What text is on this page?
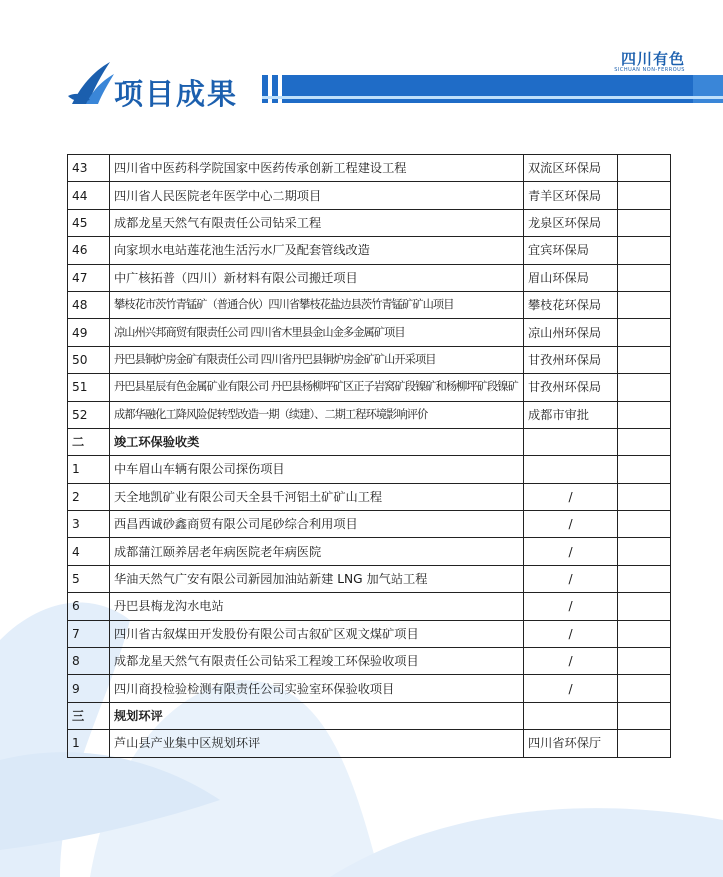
四川有色
SICHUAN NON-FERROUS
项目成果
43	四川省中医药科学院国家中医药传承创新工程建设工程	双流区环保局	
44	四川省人民医院老年医学中心二期项目	青羊区环保局	
45	成都龙星天然气有限责任公司钻采工程	龙泉区环保局	
46	向家坝水电站莲花池生活污水厂及配套管线改造	宜宾环保局	
47	中广核拓普（四川）新材料有限公司搬迁项目	眉山环保局	
48	攀枝花市茨竹青锰矿（普通合伙）四川省攀枝花盐边县茨竹青锰矿矿山项目	攀枝花环保局	
49	凉山州兴邦商贸有限责任公司 四川省木里县金山金多金属矿项目	凉山州环保局	
50	丹巴县铜炉房金矿有限责任公司 四川省丹巴县铜炉房金矿矿山开采项目	甘孜州环保局	
51	丹巴县星辰有色金属矿业有限公司 丹巴县杨柳坪矿区正子岩窝矿段镍矿和杨柳坪矿段镍矿	甘孜州环保局	
52	成都华融化工降风险促转型改造一期（续建）、二期工程环境影响评价	成都市审批	
二	竣工环保验收类		
1	中车眉山车辆有限公司探伤项目		
2	天全地凯矿业有限公司天全县千河铝土矿矿山工程	/	
3	西昌西诚砂鑫商贸有限公司尾砂综合利用项目	/	
4	成都蒲江颐养居老年病医院老年病医院	/	
5	华油天然气广安有限公司新园加油站新建 LNG 加气站工程	/	
6	丹巴县梅龙沟水电站	/	
7	四川省古叙煤田开发股份有限公司古叙矿区观文煤矿项目	/	
8	成都龙星天然气有限责任公司钻采工程竣工环保验收项目	/	
9	四川商投检验检测有限责任公司实验室环保验收项目	/	
三	规划环评		
1	芦山县产业集中区规划环评	四川省环保厅	
